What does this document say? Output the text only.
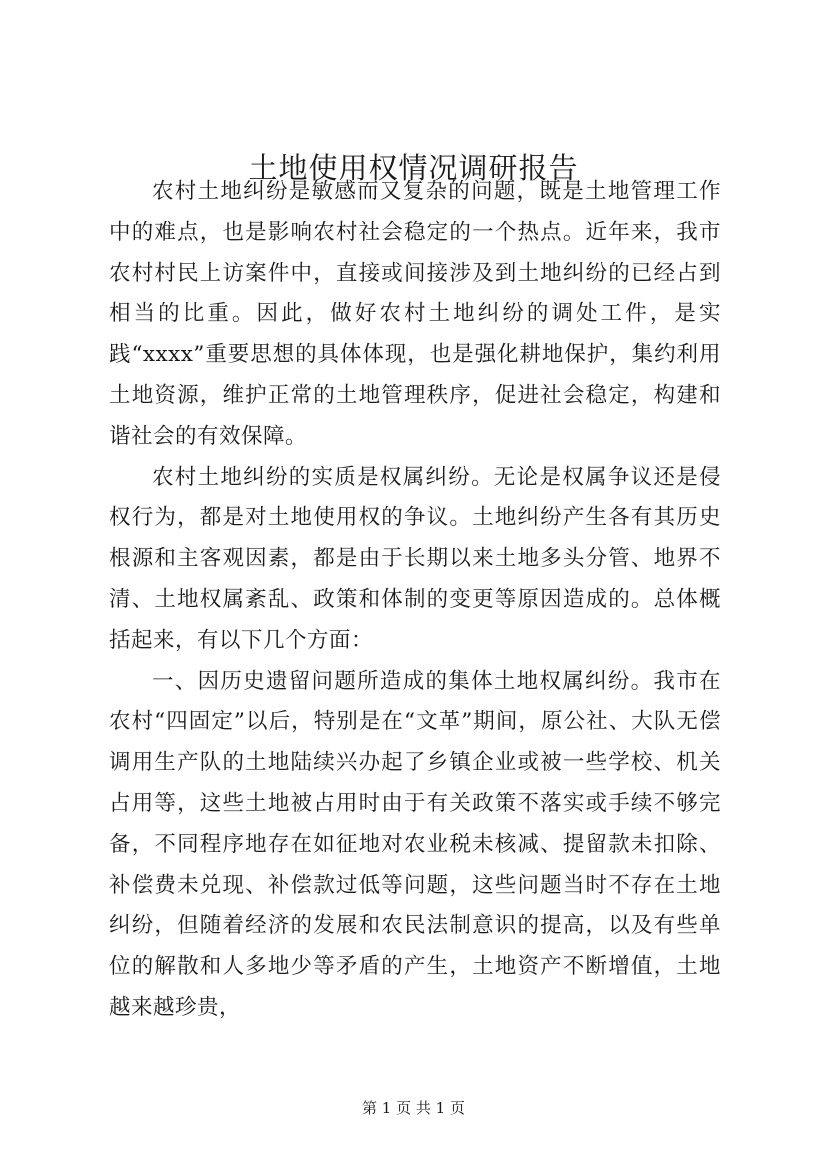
土地使用权情况调研报告

农村土地纠纷是敏感而又复杂的问题，既是土地管理工作中的难点，也是影响农村社会稳定的一个热点。近年来，我市农村村民上访案件中，直接或间接涉及到土地纠纷的已经占到相当的比重。因此，做好农村土地纠纷的调处工件，是实践“xxxx”重要思想的具体体现，也是强化耕地保护，集约利用土地资源，维护正常的土地管理秩序，促进社会稳定，构建和谐社会的有效保障。

农村土地纠纷的实质是权属纠纷。无论是权属争议还是侵权行为，都是对土地使用权的争议。土地纠纷产生各有其历史根源和主客观因素，都是由于长期以来土地多头分管、地界不清、土地权属紊乱、政策和体制的变更等原因造成的。总体概括起来，有以下几个方面：

一、因历史遗留问题所造成的集体土地权属纠纷。我市在农村“四固定”以后，特别是在“文革”期间，原公社、大队无偿调用生产队的土地陆续兴办起了乡镇企业或被一些学校、机关占用等，这些土地被占用时由于有关政策不落实或手续不够完备，不同程序地存在如征地对农业税未核减、提留款未扣除、补偿费未兑现、补偿款过低等问题，这些问题当时不存在土地纠纷，但随着经济的发展和农民法制意识的提高，以及有些单位的解散和人多地少等矛盾的产生，土地资产不断增值，土地越来越珍贵，

第 1 页 共 1 页
